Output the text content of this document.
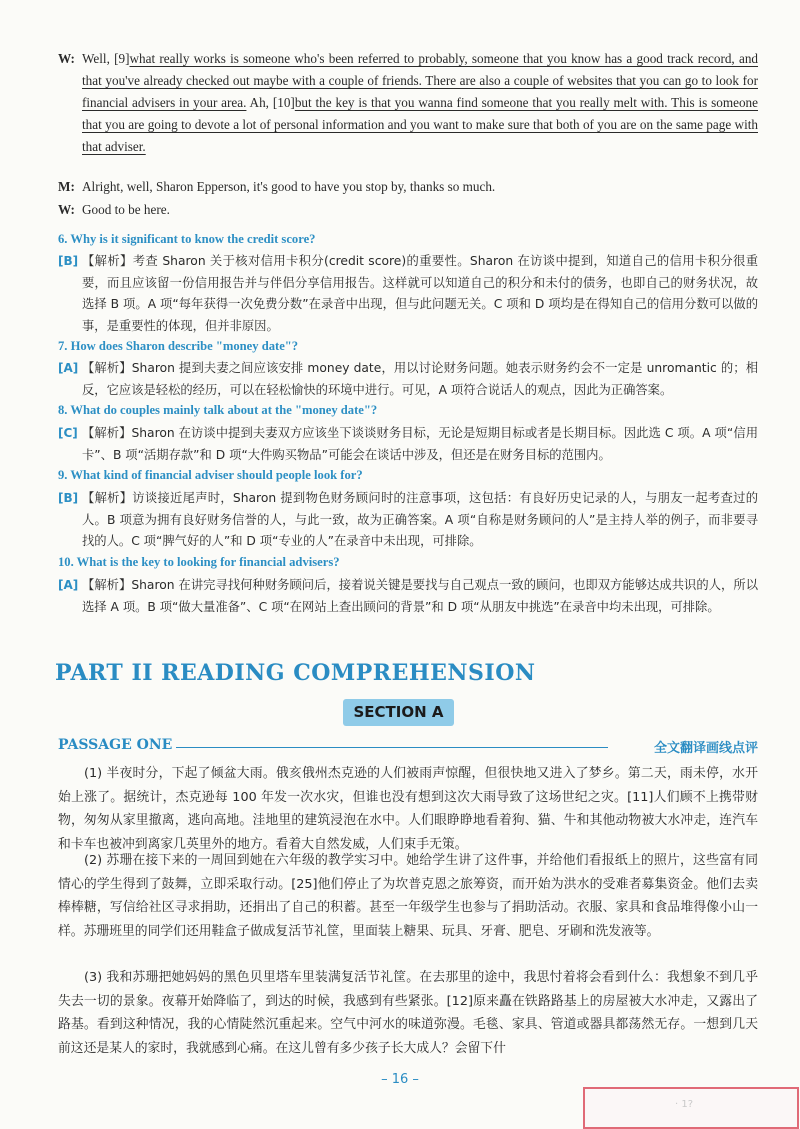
W: Well, [9]what really works is someone who's been referred to probably, someone that you know has a good track record, and that you've already checked out maybe with a couple of friends. There are also a couple of websites that you can go to look for financial advisers in your area. Ah, [10]but the key is that you wanna find someone that you really melt with. This is someone that you are going to devote a lot of personal information and you want to make sure that both of you are on the same page with that adviser.
M: Alright, well, Sharon Epperson, it's good to have you stop by, thanks so much.
W: Good to be here.
6. Why is it significant to know the credit score?
[B] 【解析】考查 Sharon 关于核对信用卡积分(credit score)的重要性。Sharon 在访谈中提到，知道自己的信用卡积分很重要，而且应该留一份信用报告并与伴侣分享信用报告。这样就可以知道自己的积分和未付的债务，也即自己的财务状况，故选择 B 项。A 项“每年获得一次免费分数”在录音中出现，但与此问题无关。C 项和 D 项均是在得知自己的信用分数可以做的事，是重要性的体现，但并非原因。
7. How does Sharon describe "money date"?
[A] 【解析】Sharon 提到夫妻之间应该安排 money date，用以讨论财务问题。她表示财务约会不一定是 unromantic 的；相反，它应该是轻松的经历，可以在轻松愉快的环境中进行。可见，A 项符合说话人的观点，因此为正确答案。
8. What do couples mainly talk about at the "money date"?
[C] 【解析】Sharon 在访谈中提到夫妻双方应该坐下谈谈财务目标，无论是短期目标或者是长期目标。因此选 C 项。A 项“信用卡”、B 项“活期存款”和 D 项“大件购买物品”可能会在谈话中涉及，但还是在财务目标的范围内。
9. What kind of financial adviser should people look for?
[B] 【解析】访谈接近尾声时，Sharon 提到物色财务顾问时的注意事项，这包括：有良好历史记录的人，与朋友一起考查过的人。B 项意为拥有良好财务信誉的人，与此一致，故为正确答案。A 项“自称是财务顾问的人”是主持人举的例子，而非要寻找的人。C 项“脾气好的人”和 D 项“专业的人”在录音中未出现，可排除。
10. What is the key to looking for financial advisers?
[A] 【解析】Sharon 在讲完寻找何种财务顾问后，接着说关键是要找与自己观点一致的顾问，也即双方能够达成共识的人，所以选择 A 项。B 项“做大量准备”、C 项“在网站上查出顾问的背景”和 D 项“从朋友中挑选”在录音中均未出现，可排除。
PART II READING COMPREHENSION
SECTION A
PASSAGE ONE	全文翻译画线点评
(1) 半夜时分，下起了倾盆大雨。俄亥俄州杰克逊的人们被雨声惊醒，但很快地又进入了梦乡。第二天，雨未停，水开始上涨了。据统计，杰克逊每 100 年发一次水灾，但谁也没有想到这次大雨导致了这场世纪之灾。[11]人们顾不上携带财物，匆匆从家里撤离，逃向高地。洼地里的建筑浸泡在水中。人们眼睁睁地看着狗、猫、牛和其他动物被大水冲走，连汽车和卡车也被冲到离家几英里外的地方。看着大自然发威，人们束手无策。
(2) 苏珊在接下来的一周回到她在六年级的教学实习中。她给学生讲了这件事，并给他们看报纸上的照片，这些富有同情心的学生得到了鼓舞，立即采取行动。[25]他们停止了为坎普克恩之旅筹资，而开始为洪水的受难者募集资金。他们去卖棒棒糖，写信给社区寻求捐助，还捐出了自己的积蓄。甚至一年级学生也参与了捐助活动。衣服、家具和食品堆得像小山一样。苏珊班里的同学们还用鞋盒子做成复活节礼筐，里面装上糖果、玩具、牙膏、肥皂、牙刷和洗发液等。
(3) 我和苏珊把她妈妈的黑色贝里塔车里装满复活节礼筐。在去那里的途中，我思忖着将会看到什么：我想象不到几乎失去一切的景象。夜幕开始降临了，到达的时候，我感到有些紧张。[12]原来矗在铁路路基上的房屋被大水冲走，又露出了路基。看到这种情况，我的心情陡然沉重起来。空气中河水的味道弥漫。毛毯、家具、管道或器具都荡然无存。一想到几天前这还是某人的家时，我就感到心痛。在这儿曾有多少孩子长大成人？会留下什
– 16 –
· 1?
